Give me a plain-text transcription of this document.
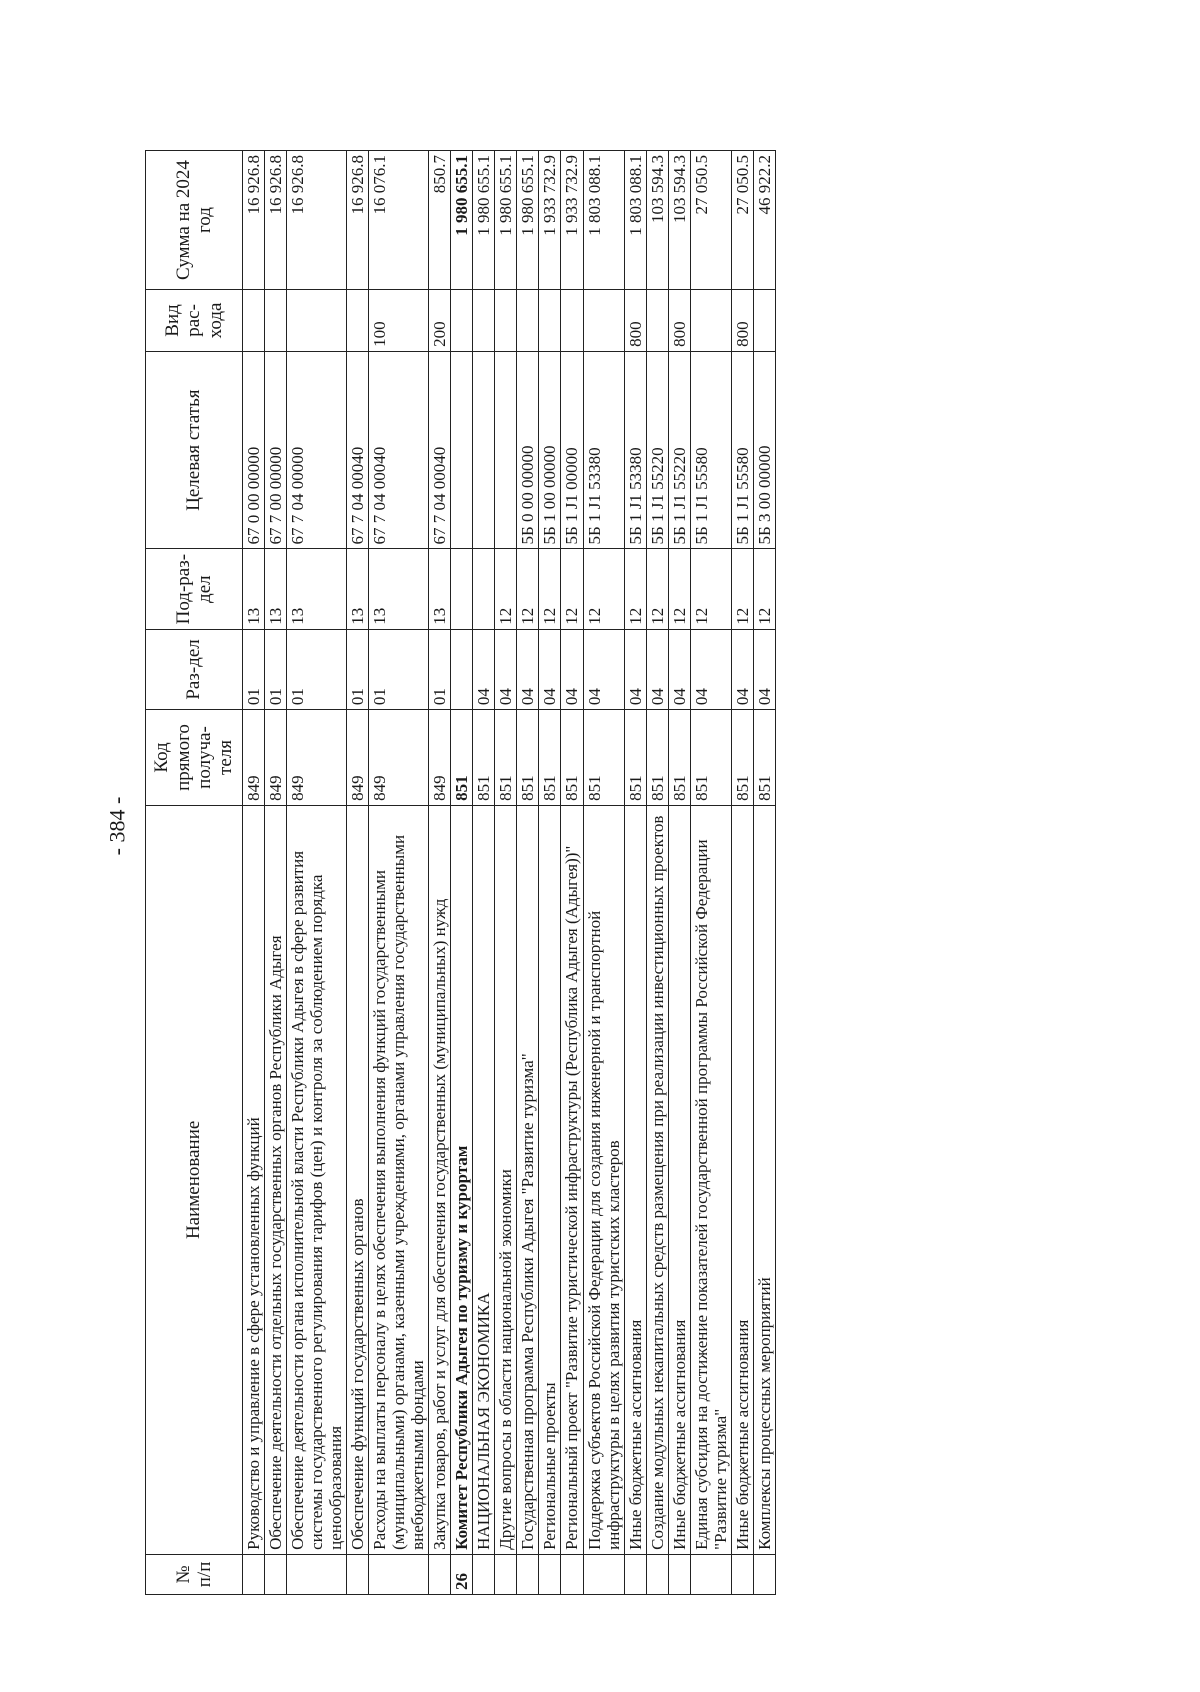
- 384 -
№ п/п	Наименование	Код прямого получа-теля	Раз-дел	Под-раз-дел	Целевая статья	Вид рас-хода	Сумма на 2024 год
	Руководство и управление в сфере установленных функций	849	01	13	67 0 00 00000		16 926.8
	Обеспечение деятельности отдельных государственных органов Республики Адыгея	849	01	13	67 7 00 00000		16 926.8
	Обеспечение деятельности органа исполнительной власти Республики Адыгея в сфере развития системы государственного регулирования тарифов (цен) и контроля за соблюдением порядка ценообразования	849	01	13	67 7 04 00000		16 926.8
	Обеспечение функций государственных органов	849	01	13	67 7 04 00040		16 926.8
	Расходы на выплаты персоналу в целях обеспечения выполнения функций государственными (муниципальными) органами, казенными учреждениями, органами управления государственными внебюджетными фондами	849	01	13	67 7 04 00040	100	16 076.1
	Закупка товаров, работ и услуг для обеспечения государственных (муниципальных) нужд	849	01	13	67 7 04 00040	200	850.7
26	Комитет Республики Адыгея по туризму и курортам	851					1 980 655.1
	НАЦИОНАЛЬНАЯ ЭКОНОМИКА	851	04				1 980 655.1
	Другие вопросы в области национальной экономики	851	04	12			1 980 655.1
	Государственная программа Республики Адыгея "Развитие туризма"	851	04	12	5Б 0 00 00000		1 980 655.1
	Региональные проекты	851	04	12	5Б 1 00 00000		1 933 732.9
	Региональный проект "Развитие туристической инфраструктуры (Республика Адыгея (Адыгея))"	851	04	12	5Б 1 J1 00000		1 933 732.9
	Поддержка субъектов Российской Федерации для создания инженерной и транспортной инфраструктуры в целях развития туристских кластеров	851	04	12	5Б 1 J1 53380		1 803 088.1
	Иные бюджетные ассигнования	851	04	12	5Б 1 J1 53380	800	1 803 088.1
	Создание модульных некапитальных средств размещения при реализации инвестиционных проектов	851	04	12	5Б 1 J1 55220		103 594.3
	Иные бюджетные ассигнования	851	04	12	5Б 1 J1 55220	800	103 594.3
	Единая субсидия на достижение показателей государственной программы Российской Федерации "Развитие туризма"	851	04	12	5Б 1 J1 55580		27 050.5
	Иные бюджетные ассигнования	851	04	12	5Б 1 J1 55580	800	27 050.5
	Комплексы процессных мероприятий	851	04	12	5Б 3 00 00000		46 922.2
